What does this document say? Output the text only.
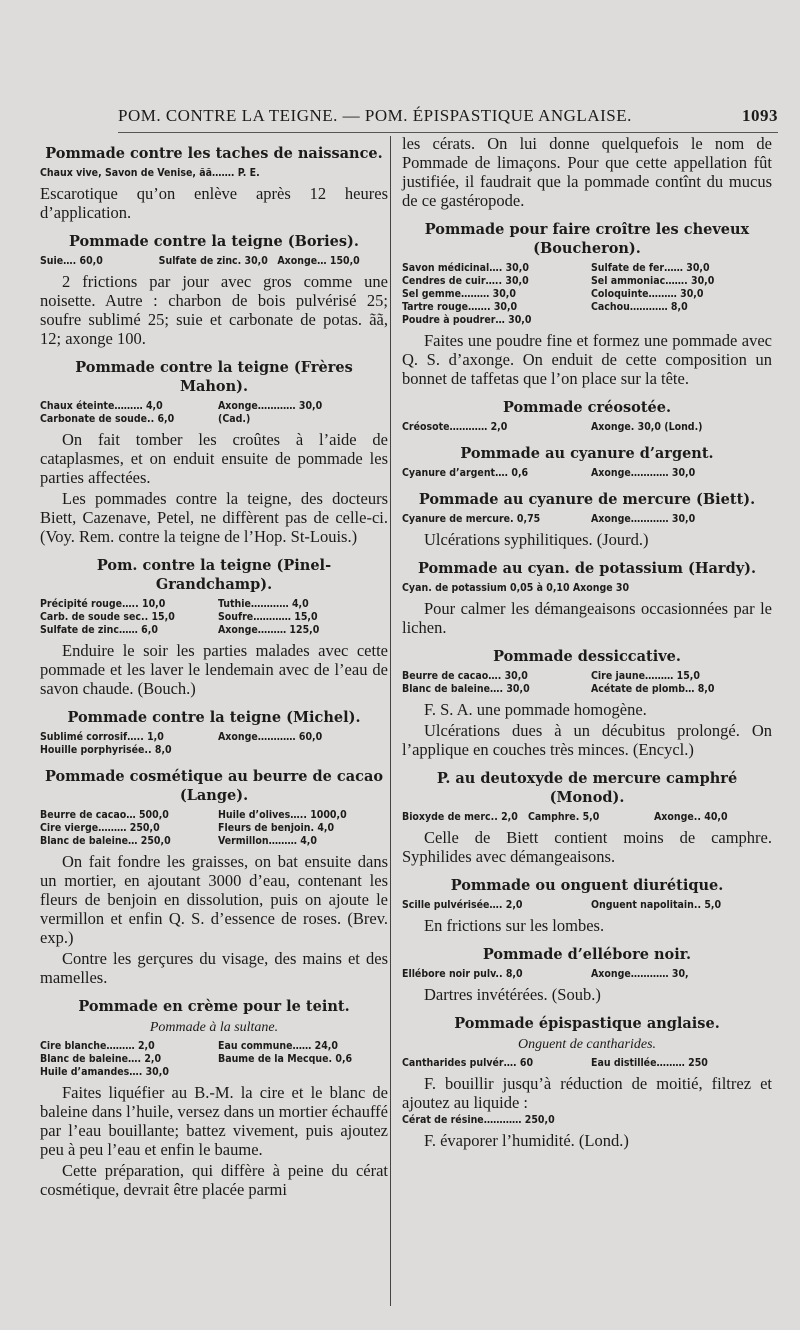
POM. CONTRE LA TEIGNE. — POM. ÉPISPASTIQUE ANGLAISE.	1093
Pommade contre les taches de naissance.
Chaux vive, Savon de Venise, ãã……. P. E.

Escarotique qu’on enlève après 12 heures d’application.

Pommade contre la teigne (Bories).
Suie…. 60,0	Sulfate de zinc. 30,0 Axonge… 150,0

2 frictions par jour avec gros comme une noisette. Autre : charbon de bois pulvérisé 25; soufre sublimé 25; suie et carbonate de potas. ãã, 12; axonge 100.

Pommade contre la teigne (Frères Mahon).
Chaux éteinte……… 4,0	Axonge………… 30,0
Carbonate de soude.. 6,0	(Cad.)

On fait tomber les croûtes à l’aide de cataplasmes, et on enduit ensuite de pommade les parties affectées.

Les pommades contre la teigne, des docteurs Biett, Cazenave, Petel, ne diffèrent pas de celle-ci. (Voy. Rem. contre la teigne de l’Hop. St-Louis.)

Pom. contre la teigne (Pinel-Grandchamp).
Précipité rouge….. 10,0	Tuthie………… 4,0
Carb. de soude sec.. 15,0	Soufre………… 15,0
Sulfate de zinc…… 6,0	Axonge……… 125,0

Enduire le soir les parties malades avec cette pommade et les laver le lendemain avec de l’eau de savon chaude. (Bouch.)

Pommade contre la teigne (Michel).
Sublimé corrosif….. 1,0	Axonge………… 60,0
Houille porphyrisée.. 8,0
Pommade cosmétique au beurre de cacao (Lange).
Beurre de cacao… 500,0	Huile d’olives….. 1000,0
Cire vierge……… 250,0	Fleurs de benjoin. 4,0
Blanc de baleine… 250,0	Vermillon……… 4,0

On fait fondre les graisses, on bat ensuite dans un mortier, en ajoutant 3000 d’eau, contenant les fleurs de benjoin en dissolution, puis on ajoute le vermillon et enfin Q. S. d’essence de roses. (Brev. exp.)

Contre les gerçures du visage, des mains et des mamelles.

Pommade en crème pour le teint.
Pommade à la sultane.
Cire blanche……… 2,0	Eau commune…… 24,0
Blanc de baleine…. 2,0	Baume de la Mecque. 0,6
Huile d’amandes…. 30,0

Faites liquéfier au B.-M. la cire et le blanc de baleine dans l’huile, versez dans un mortier échauffé par l’eau bouillante; battez vivement, puis ajoutez peu à peu l’eau et enfin le baume.

Cette préparation, qui diffère à peine du cérat cosmétique, devrait être placée parmi

les cérats. On lui donne quelquefois le nom de Pommade de limaçons. Pour que cette appellation fût justifiée, il faudrait que la pommade contînt du mucus de ce gastéropode.

Pommade pour faire croître les cheveux (Boucheron).
Savon médicinal…. 30,0	Sulfate de fer…… 30,0
Cendres de cuir….. 30,0	Sel ammoniac……. 30,0
Sel gemme……… 30,0	Coloquinte……… 30,0
Tartre rouge……. 30,0	Cachou………… 8,0
Poudre à poudrer… 30,0

Faites une poudre fine et formez une pommade avec Q. S. d’axonge. On enduit de cette composition un bonnet de taffetas que l’on place sur la tête.

Pommade créosotée.
Créosote………… 2,0	Axonge. 30,0 (Lond.)
Pommade au cyanure d’argent.
Cyanure d’argent…. 0,6	Axonge………… 30,0
Pommade au cyanure de mercure (Biett).
Cyanure de mercure. 0,75	Axonge………… 30,0

Ulcérations syphilitiques. (Jourd.)

Pommade au cyan. de potassium (Hardy).
Cyan. de potassium 0,05 à 0,10 Axonge 30

Pour calmer les démangeaisons occasionnées par le lichen.

Pommade dessiccative.
Beurre de cacao…. 30,0	Cire jaune……… 15,0
Blanc de baleine…. 30,0	Acétate de plomb… 8,0

F. S. A. une pommade homogène.

Ulcérations dues à un décubitus prolongé. On l’applique en couches très minces. (Encycl.)

P. au deutoxyde de mercure camphré (Monod).
Bioxyde de merc.. 2,0 Camphre. 5,0	Axonge.. 40,0

Celle de Biett contient moins de camphre. Syphilides avec démangeaisons.

Pommade ou onguent diurétique.
Scille pulvérisée…. 2,0	Onguent napolitain.. 5,0

En frictions sur les lombes.

Pommade d’ellébore noir.
Ellébore noir pulv.. 8,0	Axonge………… 30,

Dartres invétérées. (Soub.)

Pommade épispastique anglaise.
Onguent de cantharides.
Cantharides pulvér…. 60	Eau distillée……… 250

F. bouillir jusqu’à réduction de moitié, filtrez et ajoutez au liquide :

Cérat de résine………… 250,0

F. évaporer l’humidité. (Lond.)
